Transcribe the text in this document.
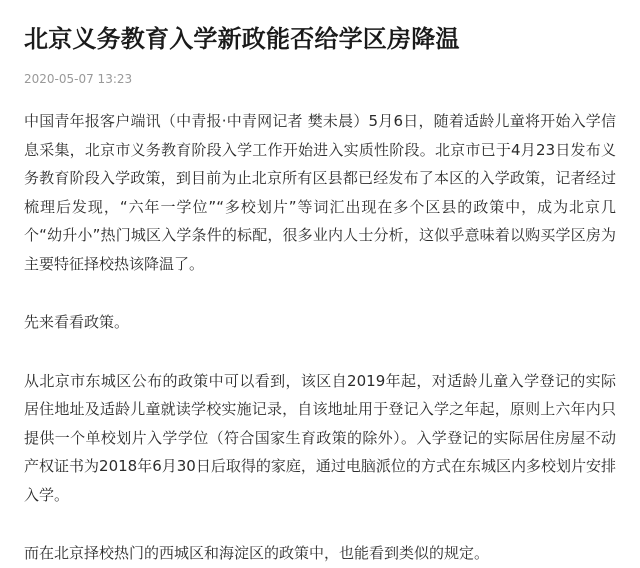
北京义务教育入学新政能否给学区房降温
2020-05-07 13:23

中国青年报客户端讯（中青报·中青网记者 樊未晨）5月6日，随着适龄儿童将开始入学信息采集，北京市义务教育阶段入学工作开始进入实质性阶段。北京市已于4月23日发布义务教育阶段入学政策，到目前为止北京所有区县都已经发布了本区的入学政策，记者经过梳理后发现，“六年一学位”“多校划片”等词汇出现在多个区县的政策中，成为北京几个“幼升小”热门城区入学条件的标配，很多业内人士分析，这似乎意味着以购买学区房为主要特征择校热该降温了。

先来看看政策。

从北京市东城区公布的政策中可以看到，该区自2019年起，对适龄儿童入学登记的实际居住地址及适龄儿童就读学校实施记录，自该地址用于登记入学之年起，原则上六年内只提供一个单校划片入学学位（符合国家生育政策的除外）。入学登记的实际居住房屋不动产权证书为2018年6月30日后取得的家庭，通过电脑派位的方式在东城区内多校划片安排入学。

而在北京择校热门的西城区和海淀区的政策中，也能看到类似的规定。
